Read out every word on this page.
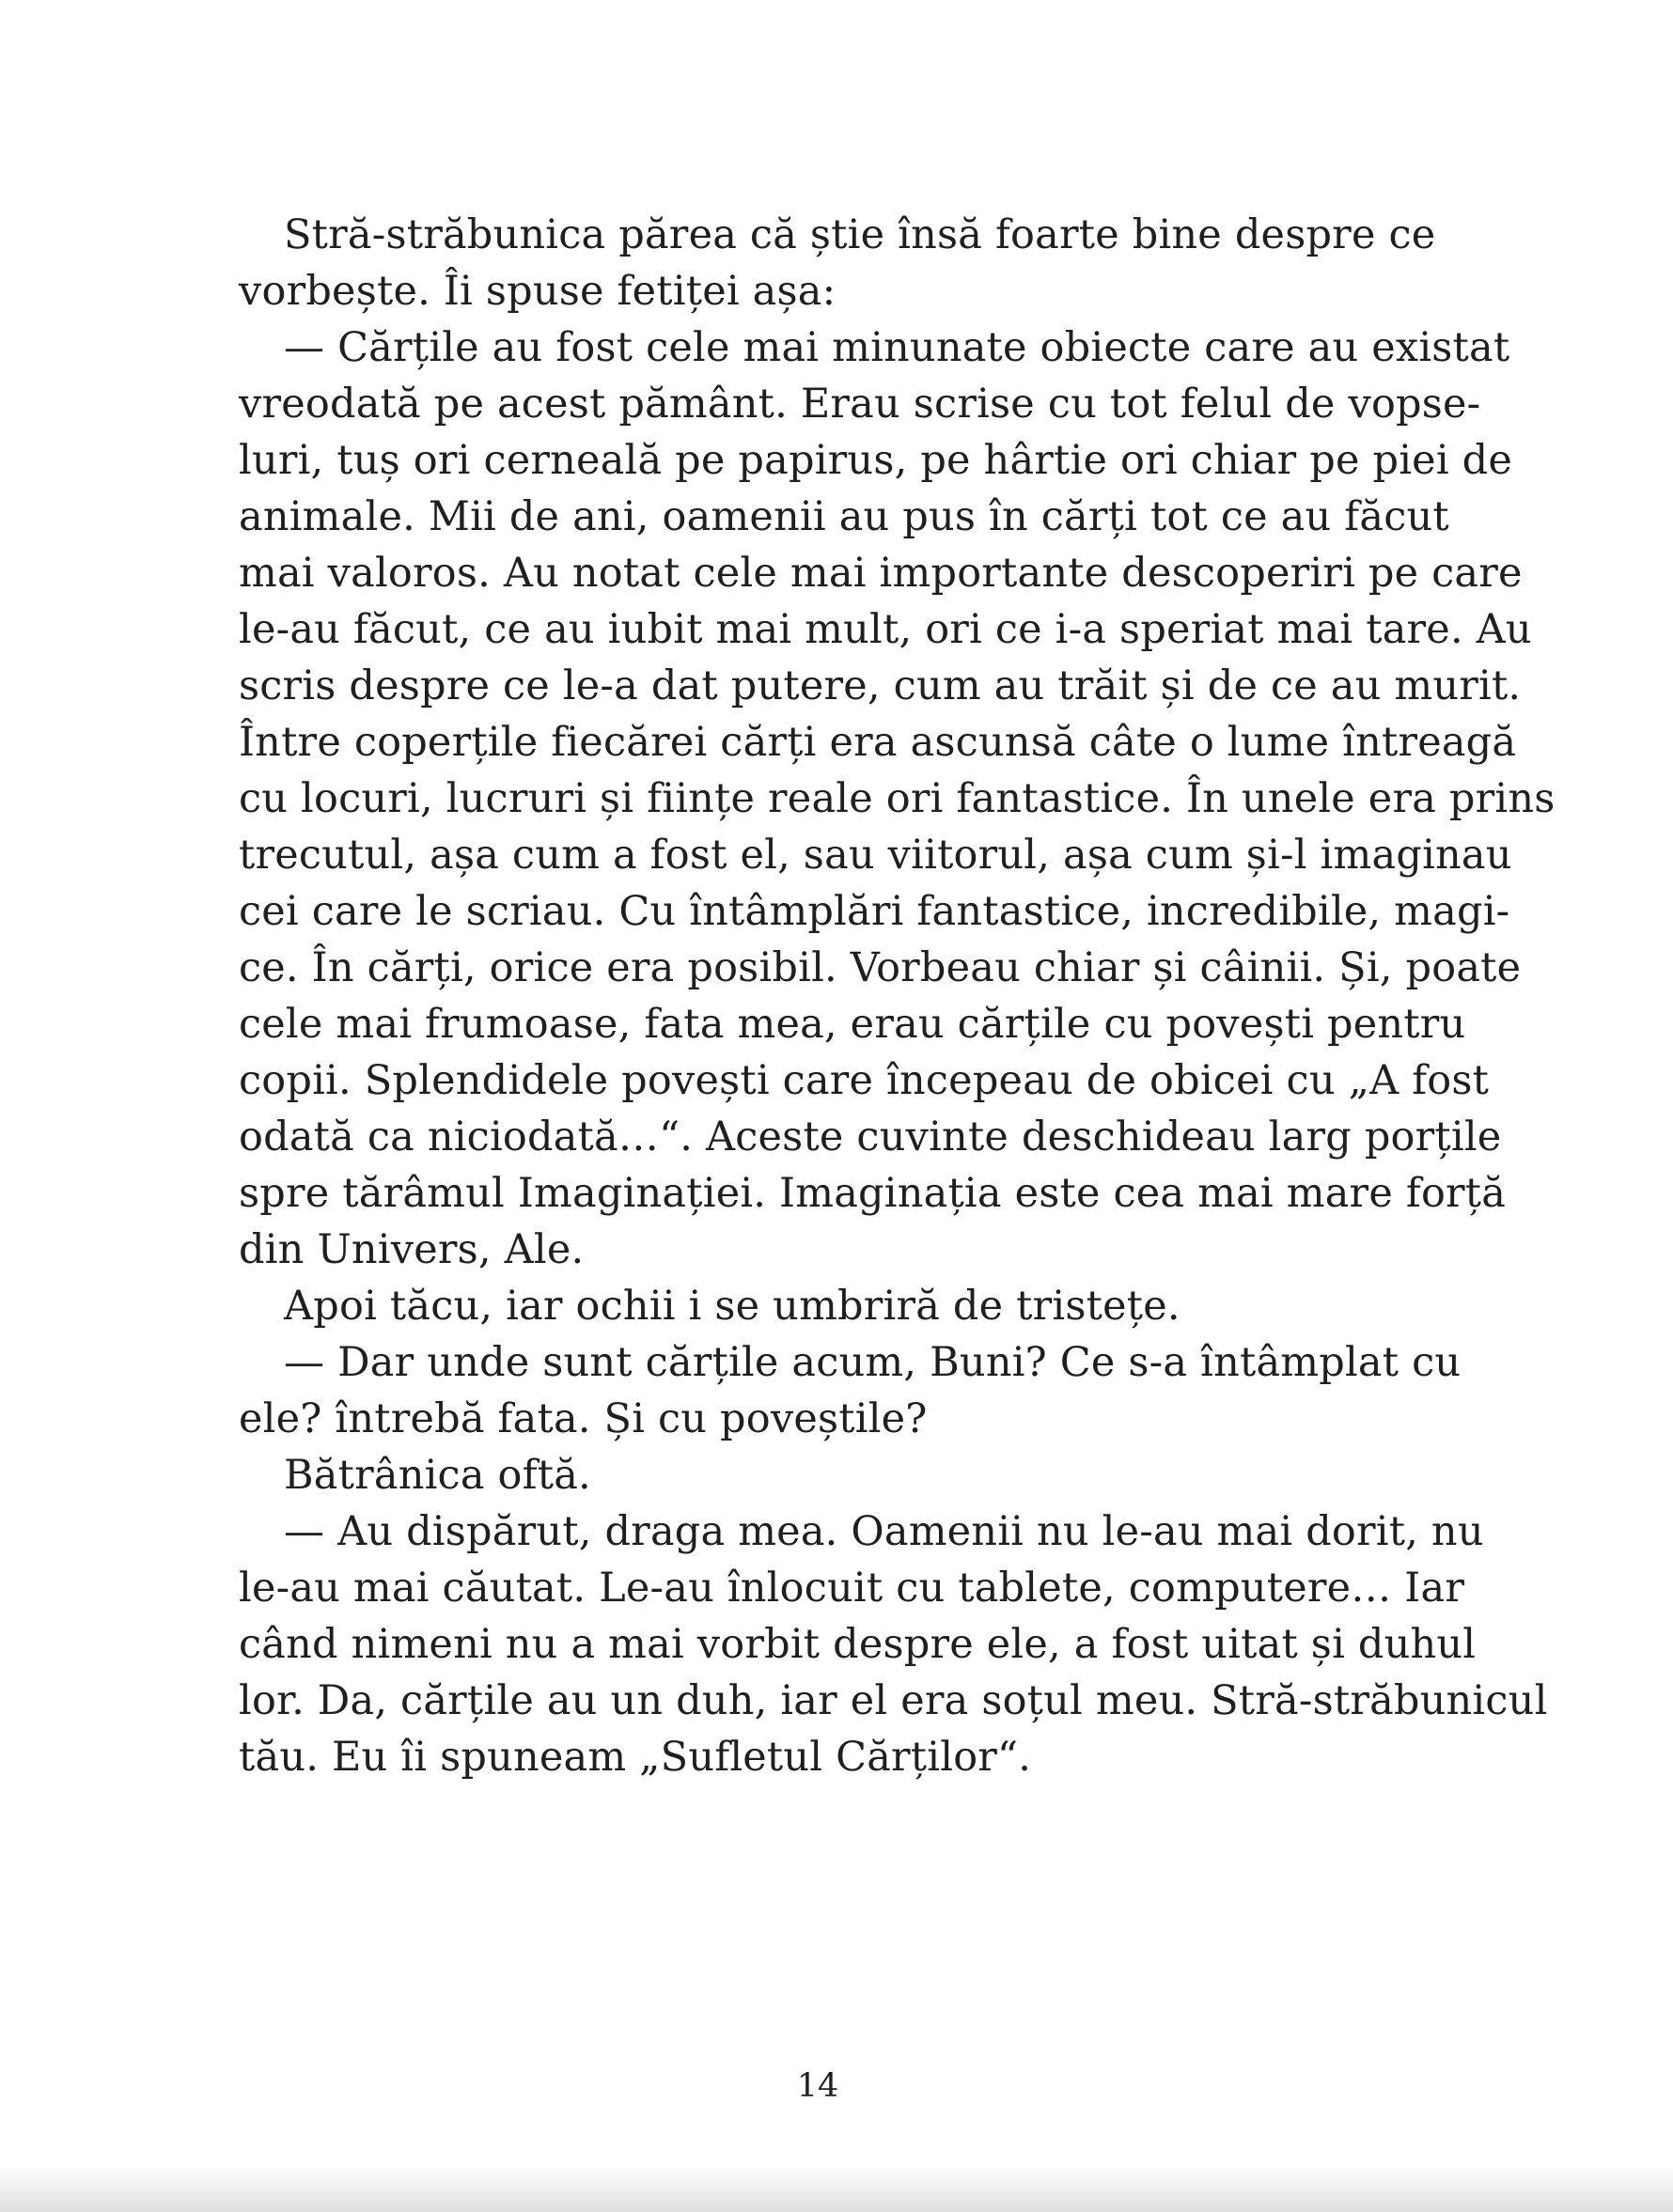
Stră-străbunica părea că știe însă foarte bine despre ce
vorbește. Îi spuse fetiței așa:
— Cărțile au fost cele mai minunate obiecte care au existat
vreodată pe acest pământ. Erau scrise cu tot felul de vopse-
luri, tuș ori cerneală pe papirus, pe hârtie ori chiar pe piei de
animale. Mii de ani, oamenii au pus în cărți tot ce au făcut
mai valoros. Au notat cele mai importante descoperiri pe care
le-au făcut, ce au iubit mai mult, ori ce i-a speriat mai tare. Au
scris despre ce le-a dat putere, cum au trăit și de ce au murit.
Între coperțile fiecărei cărți era ascunsă câte o lume întreagă
cu locuri, lucruri și ființe reale ori fantastice. În unele era prins
trecutul, așa cum a fost el, sau viitorul, așa cum și-l imaginau
cei care le scriau. Cu întâmplări fantastice, incredibile, magi-
ce. În cărți, orice era posibil. Vorbeau chiar și câinii. Și, poate
cele mai frumoase, fata mea, erau cărțile cu povești pentru
copii. Splendidele povești care începeau de obicei cu „A fost
odată ca niciodată…“. Aceste cuvinte deschideau larg porțile
spre tărâmul Imaginației. Imaginația este cea mai mare forță
din Univers, Ale.
Apoi tăcu, iar ochii i se umbriră de tristețe.
— Dar unde sunt cărțile acum, Buni? Ce s-a întâmplat cu
ele? întrebă fata. Și cu poveștile?
Bătrânica oftă.
— Au dispărut, draga mea. Oamenii nu le-au mai dorit, nu
le-au mai căutat. Le-au înlocuit cu tablete, computere… Iar
când nimeni nu a mai vorbit despre ele, a fost uitat și duhul
lor. Da, cărțile au un duh, iar el era soțul meu. Stră-străbunicul
tău. Eu îi spuneam „Sufletul Cărților“.
14
